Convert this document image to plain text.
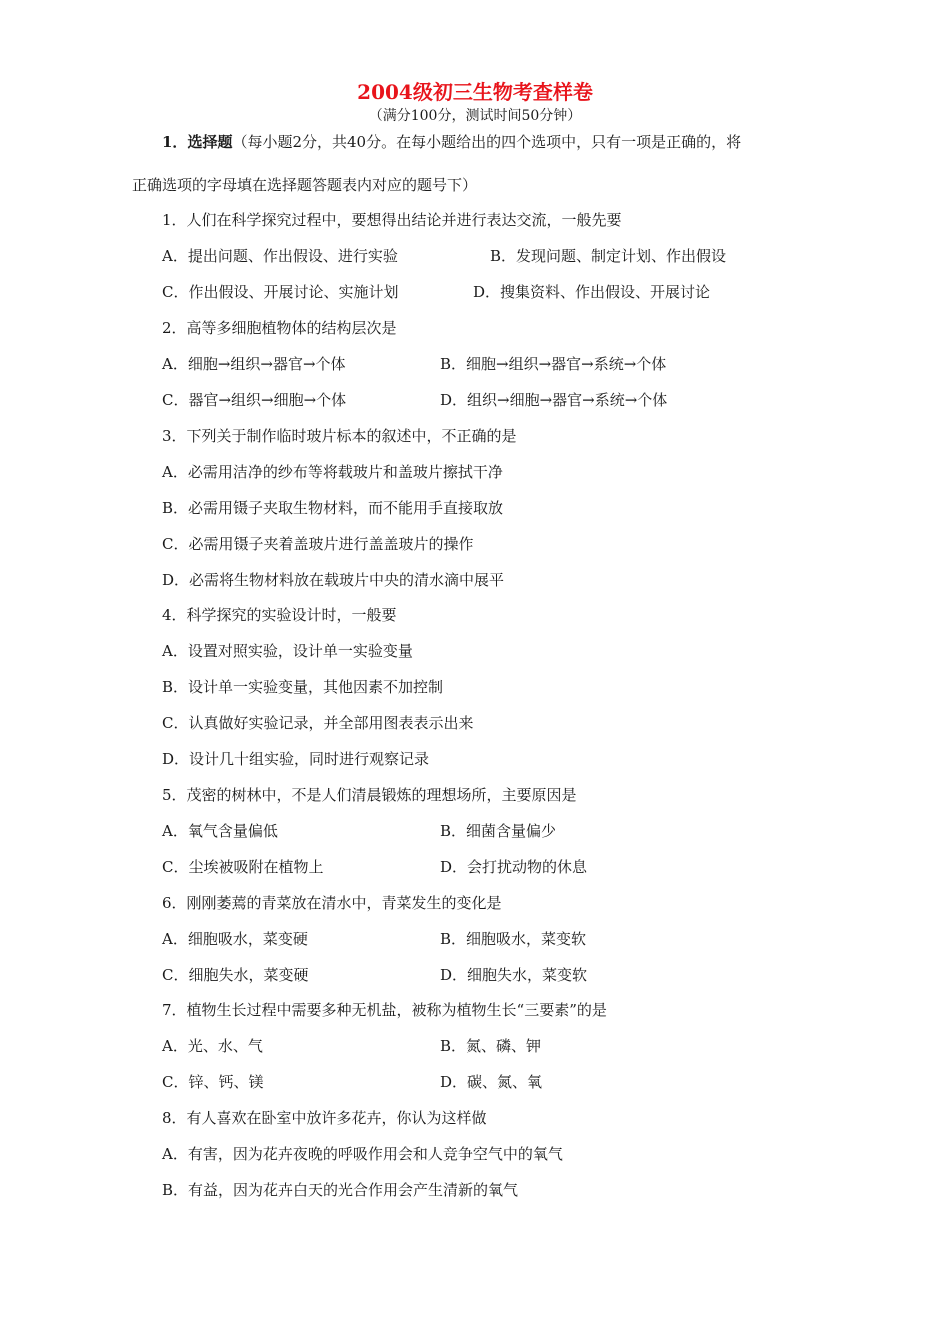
2004级初三生物考查样卷
（满分100分，测试时间50分钟）
1．选择题（每小题2分，共40分。在每小题给出的四个选项中，只有一项是正确的，将
正确选项的字母填在选择题答题表内对应的题号下）
1．人们在科学探究过程中，要想得出结论并进行表达交流，一般先要
A．提出问题、作出假设、进行实验	B．发现问题、制定计划、作出假设
C．作出假设、开展讨论、实施计划	D．搜集资料、作出假设、开展讨论
2．高等多细胞植物体的结构层次是
A．细胞→组织→器官→个体	B．细胞→组织→器官→系统→个体
C．器官→组织→细胞→个体	D．组织→细胞→器官→系统→个体
3．下列关于制作临时玻片标本的叙述中，不正确的是
A．必需用洁净的纱布等将载玻片和盖玻片擦拭干净
B．必需用镊子夹取生物材料，而不能用手直接取放
C．必需用镊子夹着盖玻片进行盖盖玻片的操作
D．必需将生物材料放在载玻片中央的清水滴中展平
4．科学探究的实验设计时，一般要
A．设置对照实验，设计单一实验变量
B．设计单一实验变量，其他因素不加控制
C．认真做好实验记录，并全部用图表表示出来
D．设计几十组实验，同时进行观察记录
5．茂密的树林中，不是人们清晨锻炼的理想场所，主要原因是
A．氧气含量偏低	B．细菌含量偏少
C．尘埃被吸附在植物上	D．会打扰动物的休息
6．刚刚萎蔫的青菜放在清水中，青菜发生的变化是
A．细胞吸水，菜变硬	B．细胞吸水，菜变软
C．细胞失水，菜变硬	D．细胞失水，菜变软
7．植物生长过程中需要多种无机盐，被称为植物生长“三要素”的是
A．光、水、气	B．氮、磷、钾
C．锌、钙、镁	D．碳、氮、氧
8．有人喜欢在卧室中放许多花卉，你认为这样做
A．有害，因为花卉夜晚的呼吸作用会和人竞争空气中的氧气
B．有益，因为花卉白天的光合作用会产生清新的氧气
